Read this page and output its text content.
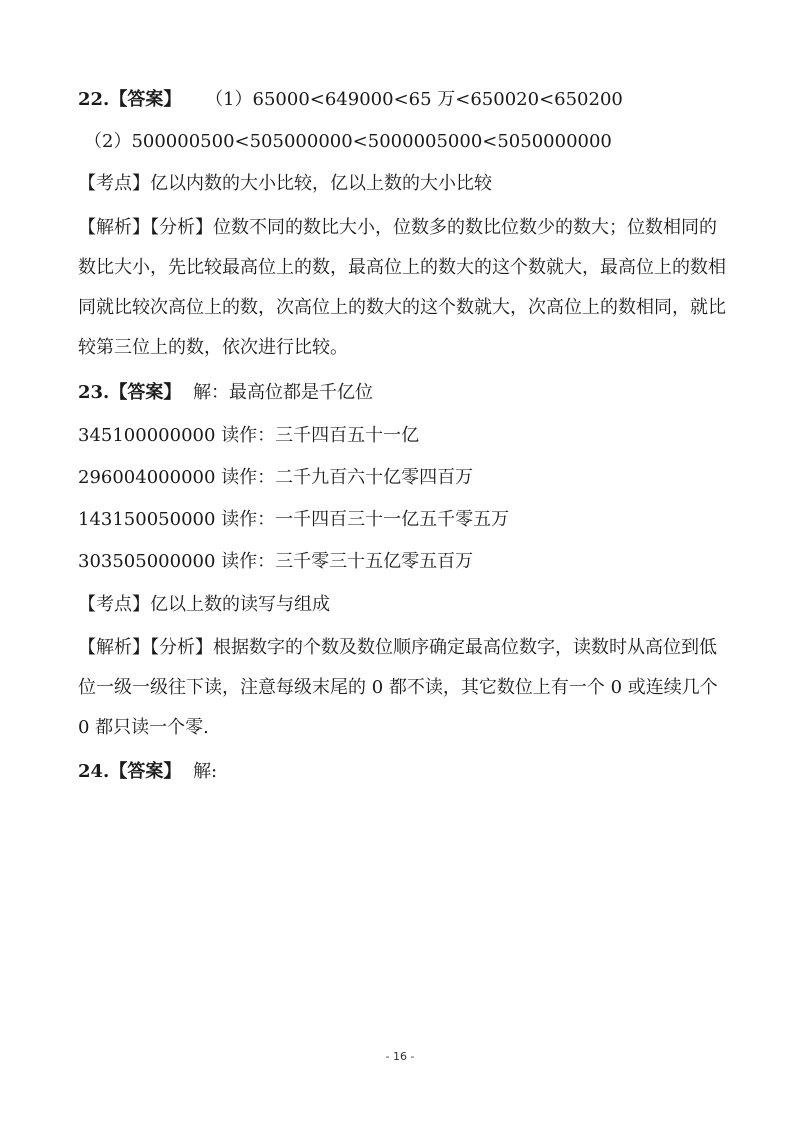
22.【答案】 （1）65000<649000<65 万<650020<650200
（2）500000500<505000000<5000005000<5050000000
【考点】亿以内数的大小比较，亿以上数的大小比较
【解析】【分析】位数不同的数比大小，位数多的数比位数少的数大；位数相同的数比大小，先比较最高位上的数，最高位上的数大的这个数就大，最高位上的数相同就比较次高位上的数，次高位上的数大的这个数就大，次高位上的数相同，就比较第三位上的数，依次进行比较。
23.【答案】 解：最高位都是千亿位
345100000000 读作：三千四百五十一亿
296004000000 读作：二千九百六十亿零四百万
143150050000 读作：一千四百三十一亿五千零五万
303505000000 读作：三千零三十五亿零五百万
【考点】亿以上数的读写与组成
【解析】【分析】根据数字的个数及数位顺序确定最高位数字，读数时从高位到低位一级一级往下读，注意每级末尾的 0 都不读，其它数位上有一个 0 或连续几个 0 都只读一个零.
24.【答案】 解:
- 16 -
